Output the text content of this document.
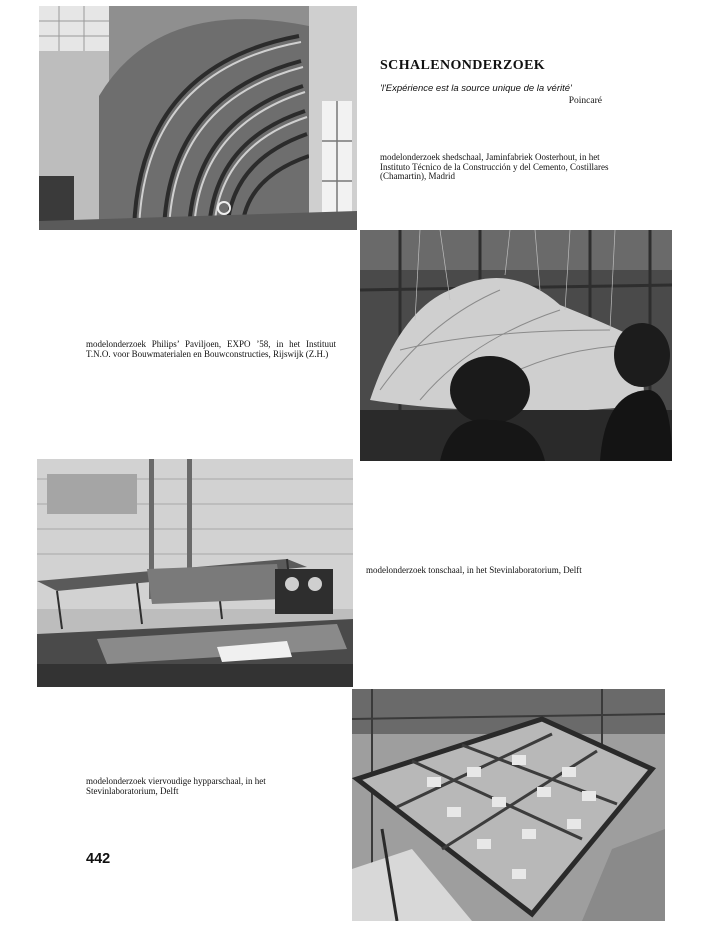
SCHALENONDERZOEK
'l'Expérience est la source unique de la vérité'
Poincaré
modelonderzoek shedschaal, Jaminfabriek Oosterhout, in het Instituto Técnico de la Construcción y del Cemento, Costillares (Chamartin), Madrid
modelonderzoek Philips’ Paviljoen, EXPO ’58, in het Instituut T.N.O. voor Bouwmaterialen en Bouwconstructies, Rijswijk (Z.H.)
modelonderzoek tonschaal, in het Stevinlaboratorium, Delft
modelonderzoek viervoudige hypparschaal, in het Stevinlaboratorium, Delft
442
